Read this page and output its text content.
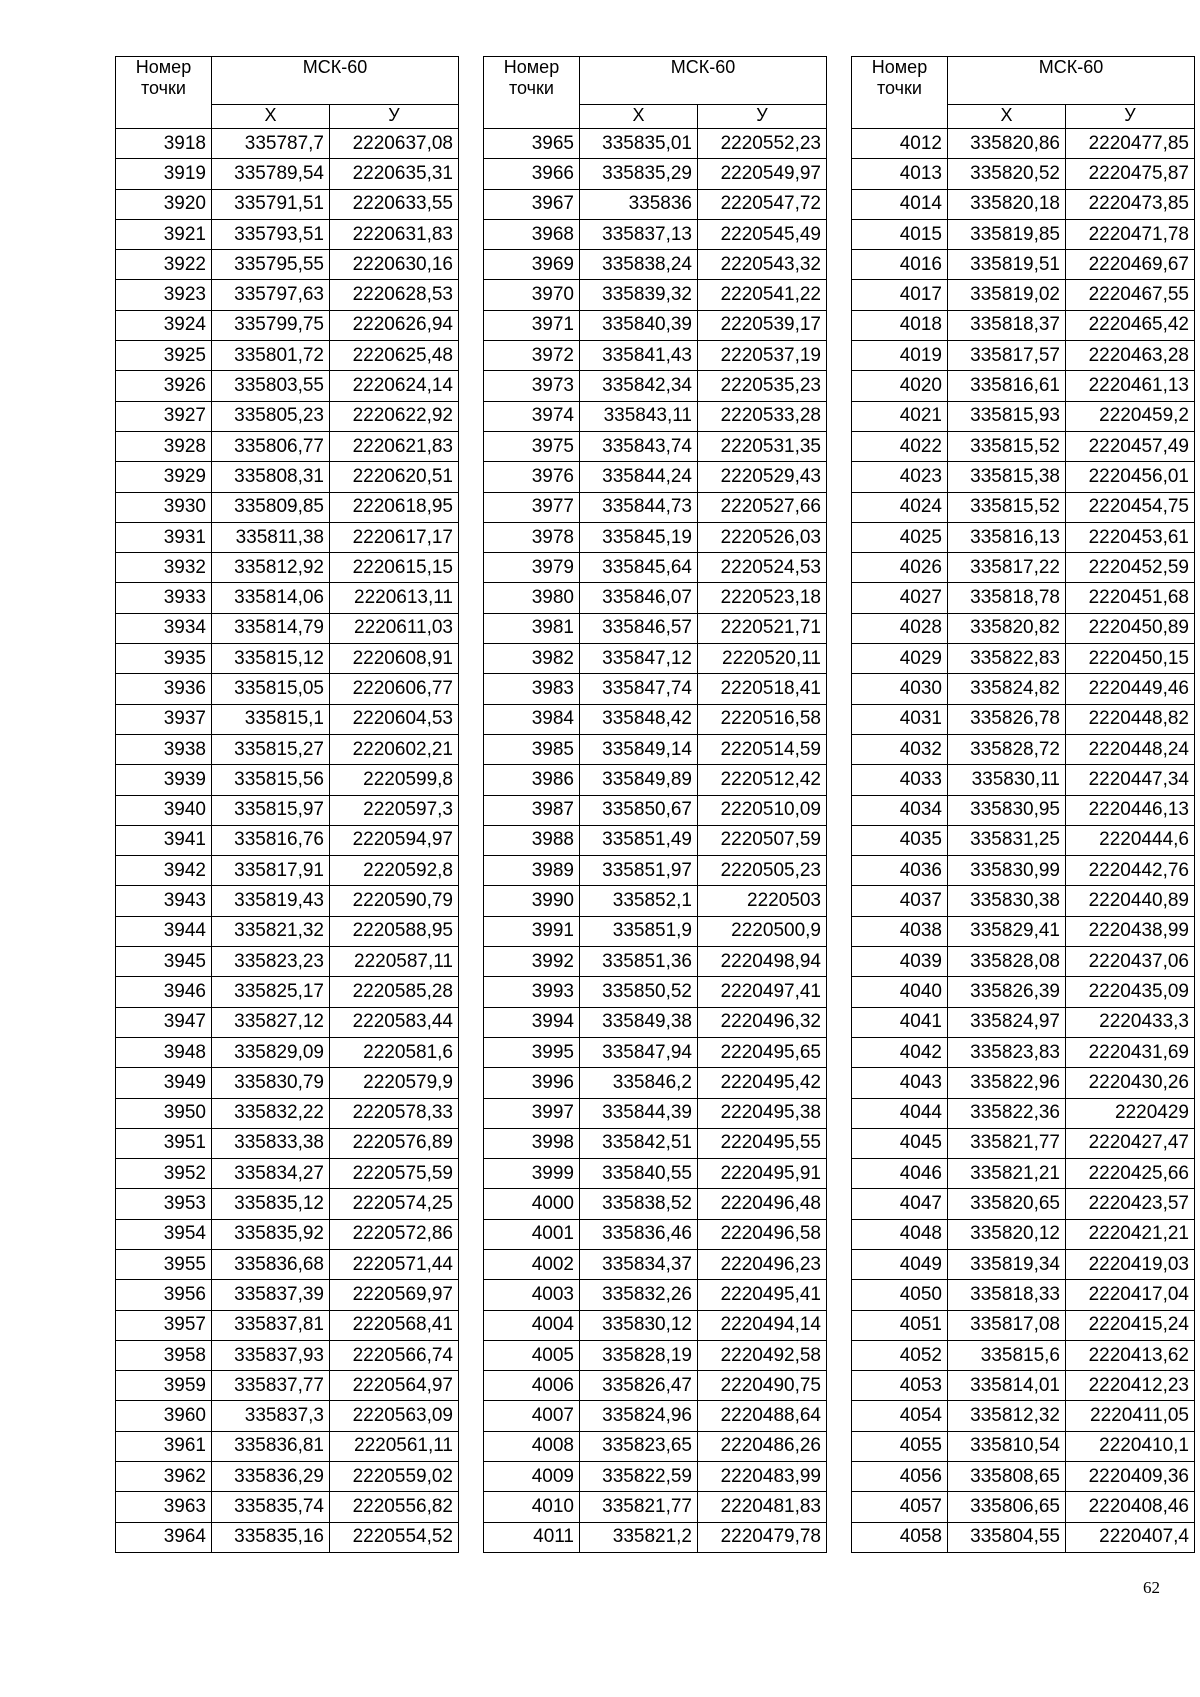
Номер точки	МСК-60	
	Х	У
3918	335787,7	2220637,08
3919	335789,54	2220635,31
3920	335791,51	2220633,55
3921	335793,51	2220631,83
3922	335795,55	2220630,16
3923	335797,63	2220628,53
3924	335799,75	2220626,94
3925	335801,72	2220625,48
3926	335803,55	2220624,14
3927	335805,23	2220622,92
3928	335806,77	2220621,83
3929	335808,31	2220620,51
3930	335809,85	2220618,95
3931	335811,38	2220617,17
3932	335812,92	2220615,15
3933	335814,06	2220613,11
3934	335814,79	2220611,03
3935	335815,12	2220608,91
3936	335815,05	2220606,77
3937	335815,1	2220604,53
3938	335815,27	2220602,21
3939	335815,56	2220599,8
3940	335815,97	2220597,3
3941	335816,76	2220594,97
3942	335817,91	2220592,8
3943	335819,43	2220590,79
3944	335821,32	2220588,95
3945	335823,23	2220587,11
3946	335825,17	2220585,28
3947	335827,12	2220583,44
3948	335829,09	2220581,6
3949	335830,79	2220579,9
3950	335832,22	2220578,33
3951	335833,38	2220576,89
3952	335834,27	2220575,59
3953	335835,12	2220574,25
3954	335835,92	2220572,86
3955	335836,68	2220571,44
3956	335837,39	2220569,97
3957	335837,81	2220568,41
3958	335837,93	2220566,74
3959	335837,77	2220564,97
3960	335837,3	2220563,09
3961	335836,81	2220561,11
3962	335836,29	2220559,02
3963	335835,74	2220556,82
3964	335835,16	2220554,52
Номер точки	МСК-60	
	Х	У
3965	335835,01	2220552,23
3966	335835,29	2220549,97
3967	335836	2220547,72
3968	335837,13	2220545,49
3969	335838,24	2220543,32
3970	335839,32	2220541,22
3971	335840,39	2220539,17
3972	335841,43	2220537,19
3973	335842,34	2220535,23
3974	335843,11	2220533,28
3975	335843,74	2220531,35
3976	335844,24	2220529,43
3977	335844,73	2220527,66
3978	335845,19	2220526,03
3979	335845,64	2220524,53
3980	335846,07	2220523,18
3981	335846,57	2220521,71
3982	335847,12	2220520,11
3983	335847,74	2220518,41
3984	335848,42	2220516,58
3985	335849,14	2220514,59
3986	335849,89	2220512,42
3987	335850,67	2220510,09
3988	335851,49	2220507,59
3989	335851,97	2220505,23
3990	335852,1	2220503
3991	335851,9	2220500,9
3992	335851,36	2220498,94
3993	335850,52	2220497,41
3994	335849,38	2220496,32
3995	335847,94	2220495,65
3996	335846,2	2220495,42
3997	335844,39	2220495,38
3998	335842,51	2220495,55
3999	335840,55	2220495,91
4000	335838,52	2220496,48
4001	335836,46	2220496,58
4002	335834,37	2220496,23
4003	335832,26	2220495,41
4004	335830,12	2220494,14
4005	335828,19	2220492,58
4006	335826,47	2220490,75
4007	335824,96	2220488,64
4008	335823,65	2220486,26
4009	335822,59	2220483,99
4010	335821,77	2220481,83
4011	335821,2	2220479,78
Номер точки	МСК-60	
	Х	У
4012	335820,86	2220477,85
4013	335820,52	2220475,87
4014	335820,18	2220473,85
4015	335819,85	2220471,78
4016	335819,51	2220469,67
4017	335819,02	2220467,55
4018	335818,37	2220465,42
4019	335817,57	2220463,28
4020	335816,61	2220461,13
4021	335815,93	2220459,2
4022	335815,52	2220457,49
4023	335815,38	2220456,01
4024	335815,52	2220454,75
4025	335816,13	2220453,61
4026	335817,22	2220452,59
4027	335818,78	2220451,68
4028	335820,82	2220450,89
4029	335822,83	2220450,15
4030	335824,82	2220449,46
4031	335826,78	2220448,82
4032	335828,72	2220448,24
4033	335830,11	2220447,34
4034	335830,95	2220446,13
4035	335831,25	2220444,6
4036	335830,99	2220442,76
4037	335830,38	2220440,89
4038	335829,41	2220438,99
4039	335828,08	2220437,06
4040	335826,39	2220435,09
4041	335824,97	2220433,3
4042	335823,83	2220431,69
4043	335822,96	2220430,26
4044	335822,36	2220429
4045	335821,77	2220427,47
4046	335821,21	2220425,66
4047	335820,65	2220423,57
4048	335820,12	2220421,21
4049	335819,34	2220419,03
4050	335818,33	2220417,04
4051	335817,08	2220415,24
4052	335815,6	2220413,62
4053	335814,01	2220412,23
4054	335812,32	2220411,05
4055	335810,54	2220410,1
4056	335808,65	2220409,36
4057	335806,65	2220408,46
4058	335804,55	2220407,4
62
